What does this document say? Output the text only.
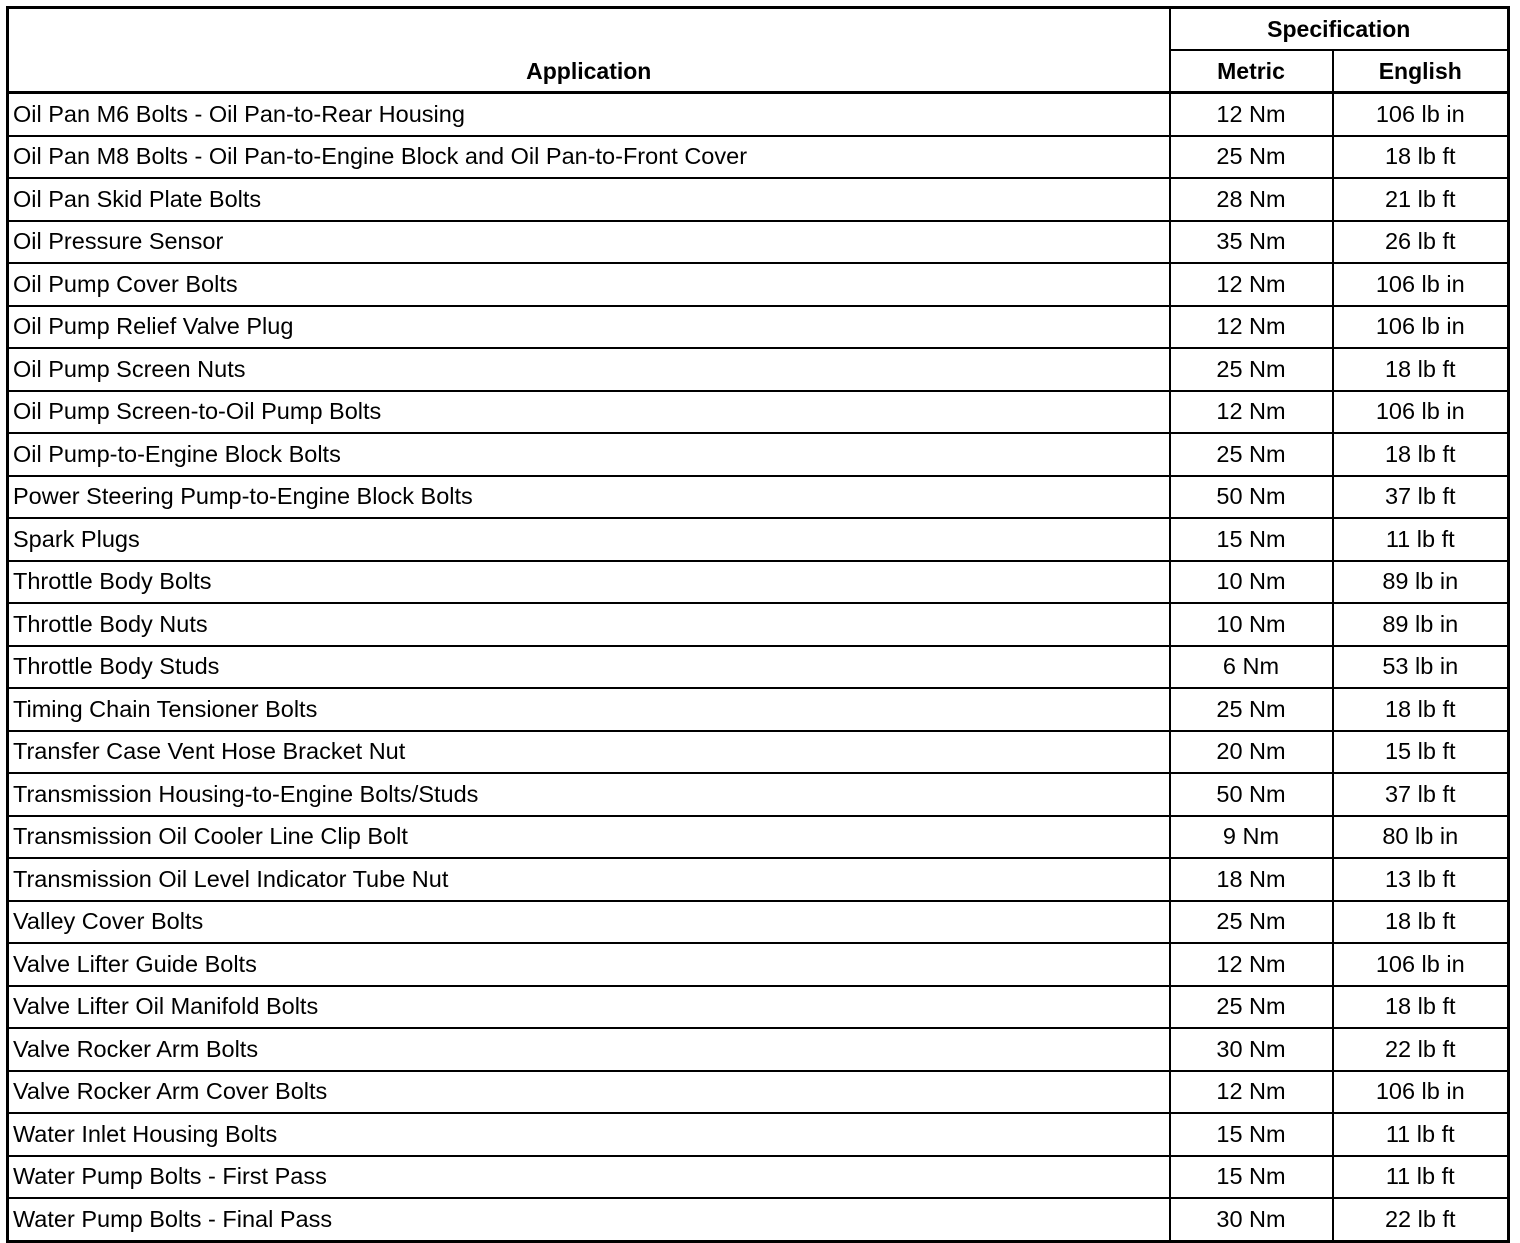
Application	Specification	
	Metric	English
Oil Pan M6 Bolts - Oil Pan-to-Rear Housing	12 Nm	106 lb in
Oil Pan M8 Bolts - Oil Pan-to-Engine Block and Oil Pan-to-Front Cover	25 Nm	18 lb ft
Oil Pan Skid Plate Bolts	28 Nm	21 lb ft
Oil Pressure Sensor	35 Nm	26 lb ft
Oil Pump Cover Bolts	12 Nm	106 lb in
Oil Pump Relief Valve Plug	12 Nm	106 lb in
Oil Pump Screen Nuts	25 Nm	18 lb ft
Oil Pump Screen-to-Oil Pump Bolts	12 Nm	106 lb in
Oil Pump-to-Engine Block Bolts	25 Nm	18 lb ft
Power Steering Pump-to-Engine Block Bolts	50 Nm	37 lb ft
Spark Plugs	15 Nm	11 lb ft
Throttle Body Bolts	10 Nm	89 lb in
Throttle Body Nuts	10 Nm	89 lb in
Throttle Body Studs	6 Nm	53 lb in
Timing Chain Tensioner Bolts	25 Nm	18 lb ft
Transfer Case Vent Hose Bracket Nut	20 Nm	15 lb ft
Transmission Housing-to-Engine Bolts/Studs	50 Nm	37 lb ft
Transmission Oil Cooler Line Clip Bolt	9 Nm	80 lb in
Transmission Oil Level Indicator Tube Nut	18 Nm	13 lb ft
Valley Cover Bolts	25 Nm	18 lb ft
Valve Lifter Guide Bolts	12 Nm	106 lb in
Valve Lifter Oil Manifold Bolts	25 Nm	18 lb ft
Valve Rocker Arm Bolts	30 Nm	22 lb ft
Valve Rocker Arm Cover Bolts	12 Nm	106 lb in
Water Inlet Housing Bolts	15 Nm	11 lb ft
Water Pump Bolts - First Pass	15 Nm	11 lb ft
Water Pump Bolts - Final Pass	30 Nm	22 lb ft
